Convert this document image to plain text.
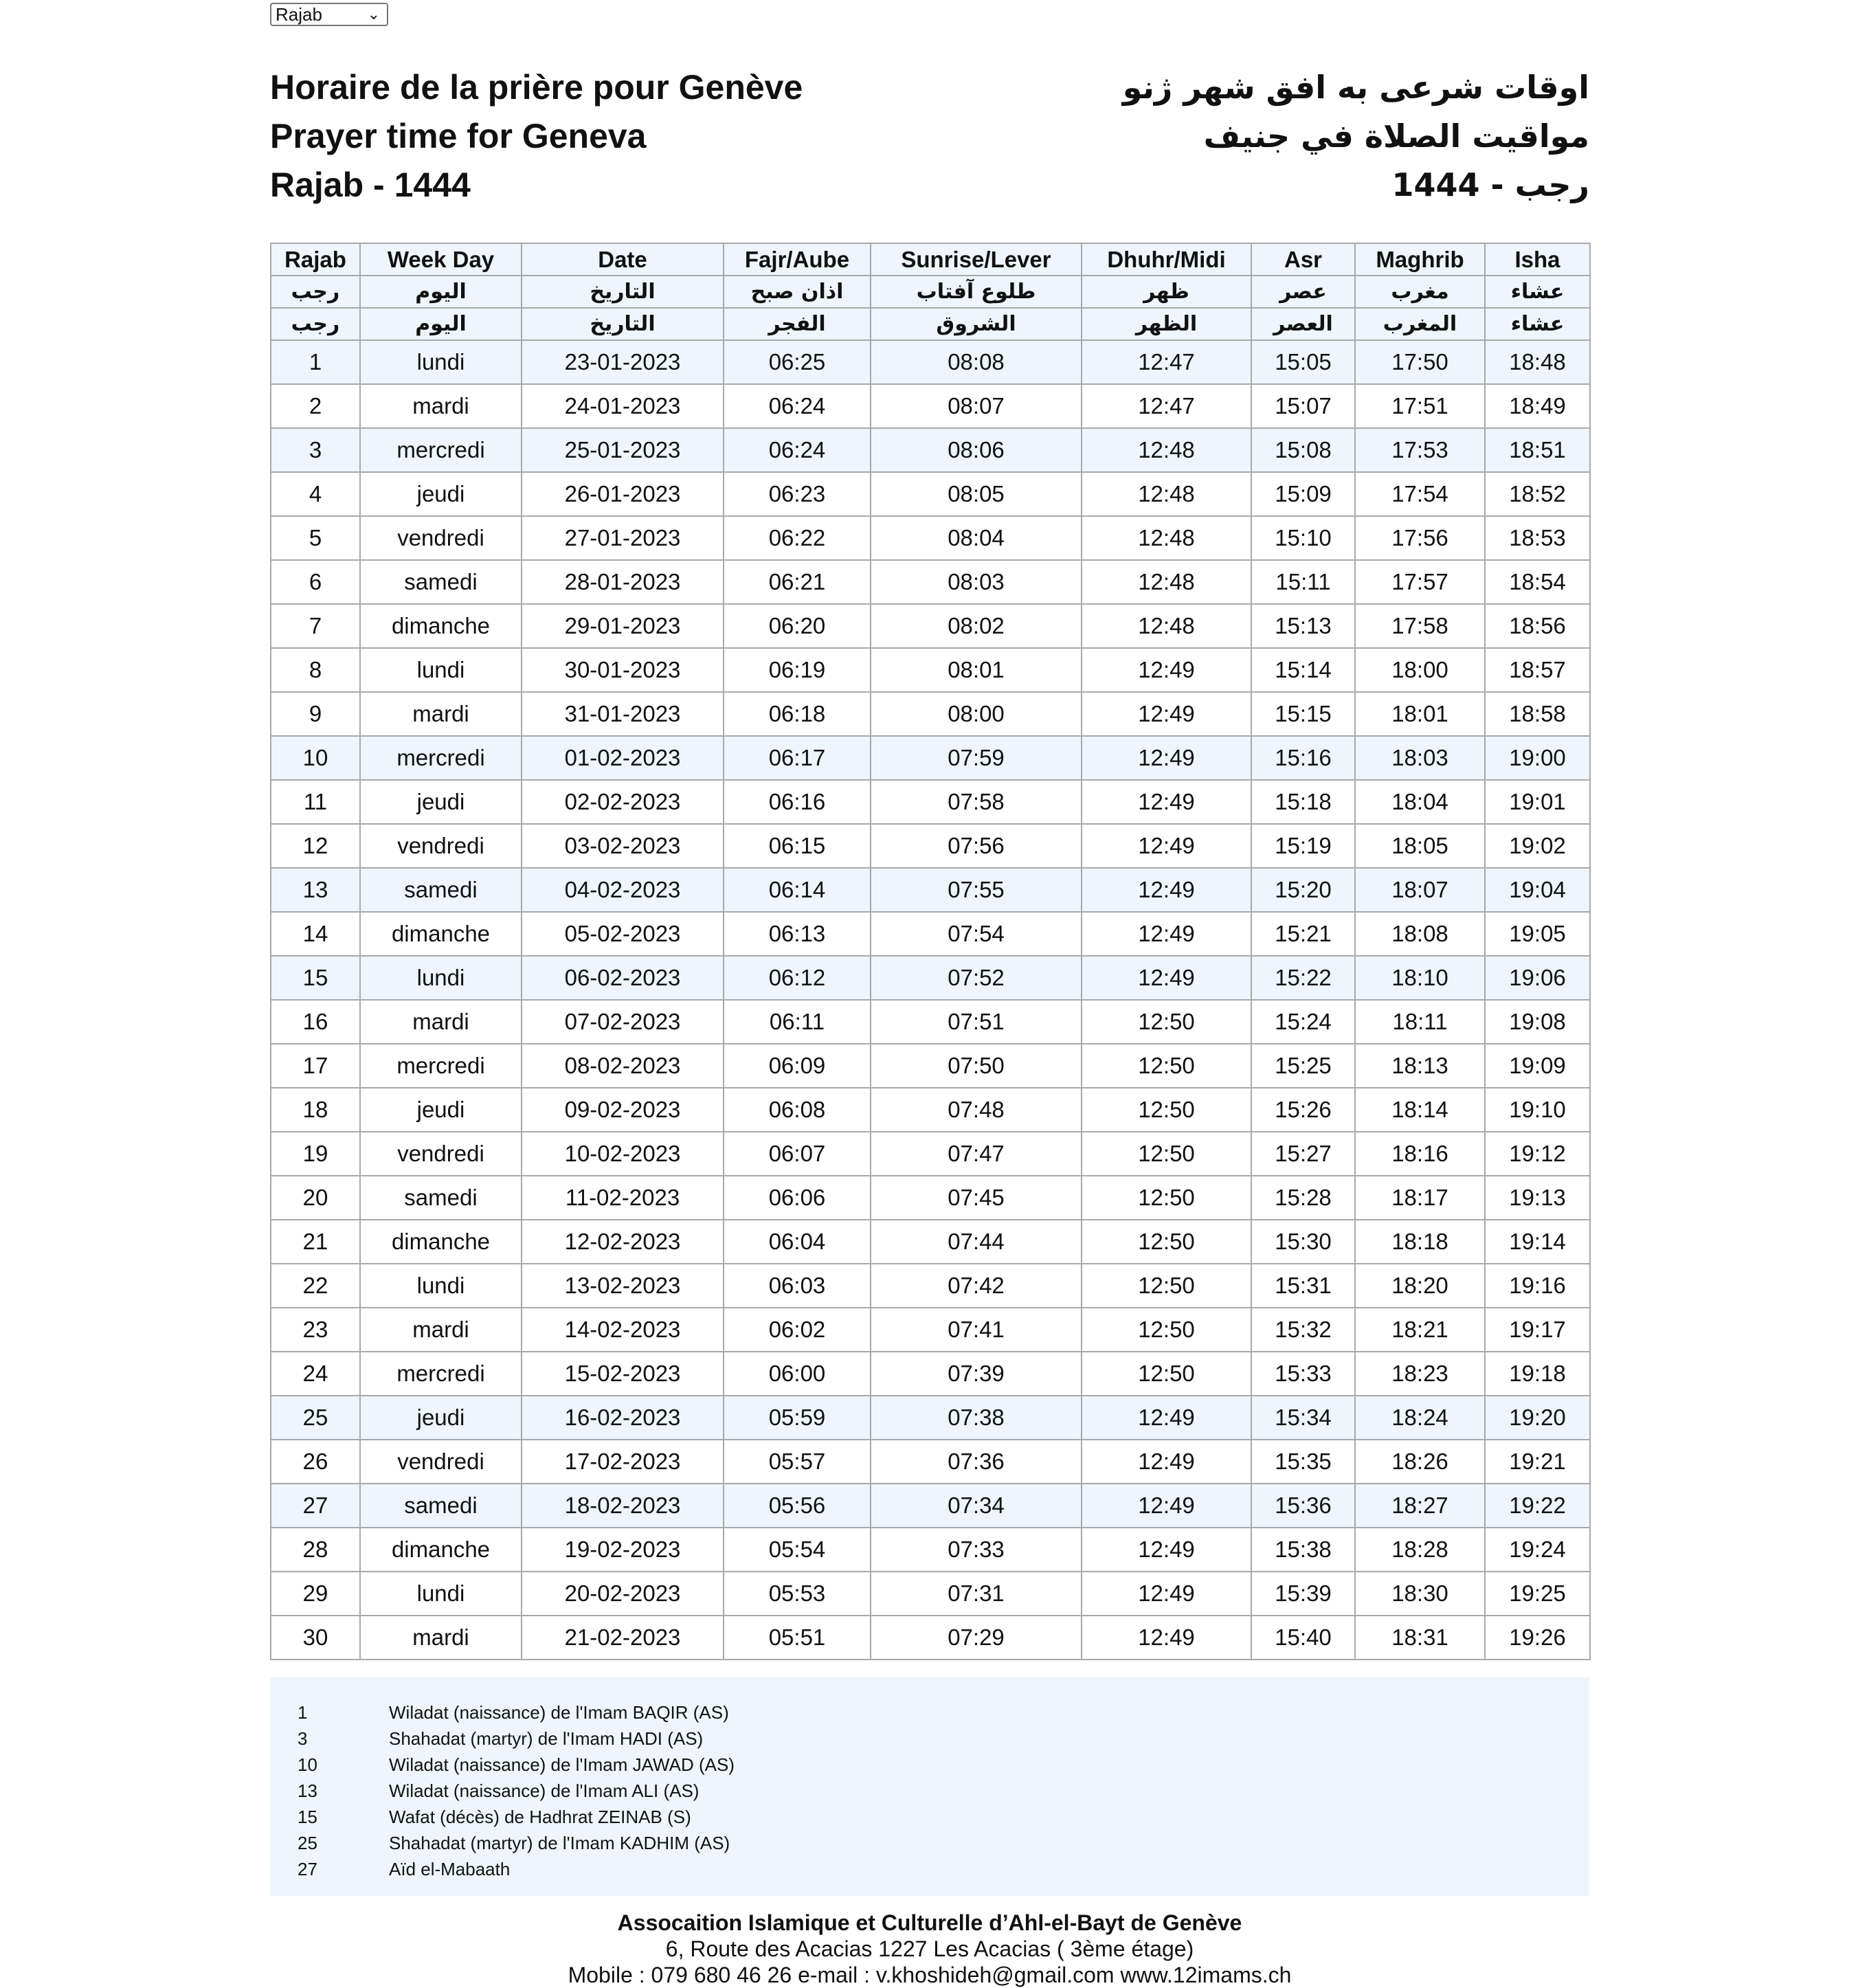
Rajab	⌄
Horaire de la prière pour Genève
Prayer time for Geneva
Rajab - 1444
اوقات شرعی به افق شهر ژنو
مواقيت الصلاة في جنيف
رجب - 1444
Rajab	Week Day	Date	Fajr/Aube	Sunrise/Lever	Dhuhr/Midi	Asr	Maghrib	Isha
رجب	اليوم	التاريخ	اذان صبح	طلوع آفتاب	ظهر	عصر	مغرب	عشاء
رجب	اليوم	التاريخ	الفجر	الشروق	الظهر	العصر	المغرب	عشاء
1	lundi	23-01-2023	06:25	08:08	12:47	15:05	17:50	18:48
2	mardi	24-01-2023	06:24	08:07	12:47	15:07	17:51	18:49
3	mercredi	25-01-2023	06:24	08:06	12:48	15:08	17:53	18:51
4	jeudi	26-01-2023	06:23	08:05	12:48	15:09	17:54	18:52
5	vendredi	27-01-2023	06:22	08:04	12:48	15:10	17:56	18:53
6	samedi	28-01-2023	06:21	08:03	12:48	15:11	17:57	18:54
7	dimanche	29-01-2023	06:20	08:02	12:48	15:13	17:58	18:56
8	lundi	30-01-2023	06:19	08:01	12:49	15:14	18:00	18:57
9	mardi	31-01-2023	06:18	08:00	12:49	15:15	18:01	18:58
10	mercredi	01-02-2023	06:17	07:59	12:49	15:16	18:03	19:00
11	jeudi	02-02-2023	06:16	07:58	12:49	15:18	18:04	19:01
12	vendredi	03-02-2023	06:15	07:56	12:49	15:19	18:05	19:02
13	samedi	04-02-2023	06:14	07:55	12:49	15:20	18:07	19:04
14	dimanche	05-02-2023	06:13	07:54	12:49	15:21	18:08	19:05
15	lundi	06-02-2023	06:12	07:52	12:49	15:22	18:10	19:06
16	mardi	07-02-2023	06:11	07:51	12:50	15:24	18:11	19:08
17	mercredi	08-02-2023	06:09	07:50	12:50	15:25	18:13	19:09
18	jeudi	09-02-2023	06:08	07:48	12:50	15:26	18:14	19:10
19	vendredi	10-02-2023	06:07	07:47	12:50	15:27	18:16	19:12
20	samedi	11-02-2023	06:06	07:45	12:50	15:28	18:17	19:13
21	dimanche	12-02-2023	06:04	07:44	12:50	15:30	18:18	19:14
22	lundi	13-02-2023	06:03	07:42	12:50	15:31	18:20	19:16
23	mardi	14-02-2023	06:02	07:41	12:50	15:32	18:21	19:17
24	mercredi	15-02-2023	06:00	07:39	12:50	15:33	18:23	19:18
25	jeudi	16-02-2023	05:59	07:38	12:49	15:34	18:24	19:20
26	vendredi	17-02-2023	05:57	07:36	12:49	15:35	18:26	19:21
27	samedi	18-02-2023	05:56	07:34	12:49	15:36	18:27	19:22
28	dimanche	19-02-2023	05:54	07:33	12:49	15:38	18:28	19:24
29	lundi	20-02-2023	05:53	07:31	12:49	15:39	18:30	19:25
30	mardi	21-02-2023	05:51	07:29	12:49	15:40	18:31	19:26
1	Wiladat (naissance) de l'Imam BAQIR (AS)
3	Shahadat (martyr) de l'Imam HADI (AS)
10	Wiladat (naissance) de l'Imam JAWAD (AS)
13	Wiladat (naissance) de l'Imam ALI (AS)
15	Wafat (décès) de Hadhrat ZEINAB (S)
25	Shahadat (martyr) de l'Imam KADHIM (AS)
27	Aïd el-Mabaath
Assocaition Islamique et Culturelle d’Ahl-el-Bayt de Genève
6, Route des Acacias 1227 Les Acacias ( 3ème étage)
Mobile : 079 680 46 26 e-mail : v.khoshideh@gmail.com www.12imams.ch
